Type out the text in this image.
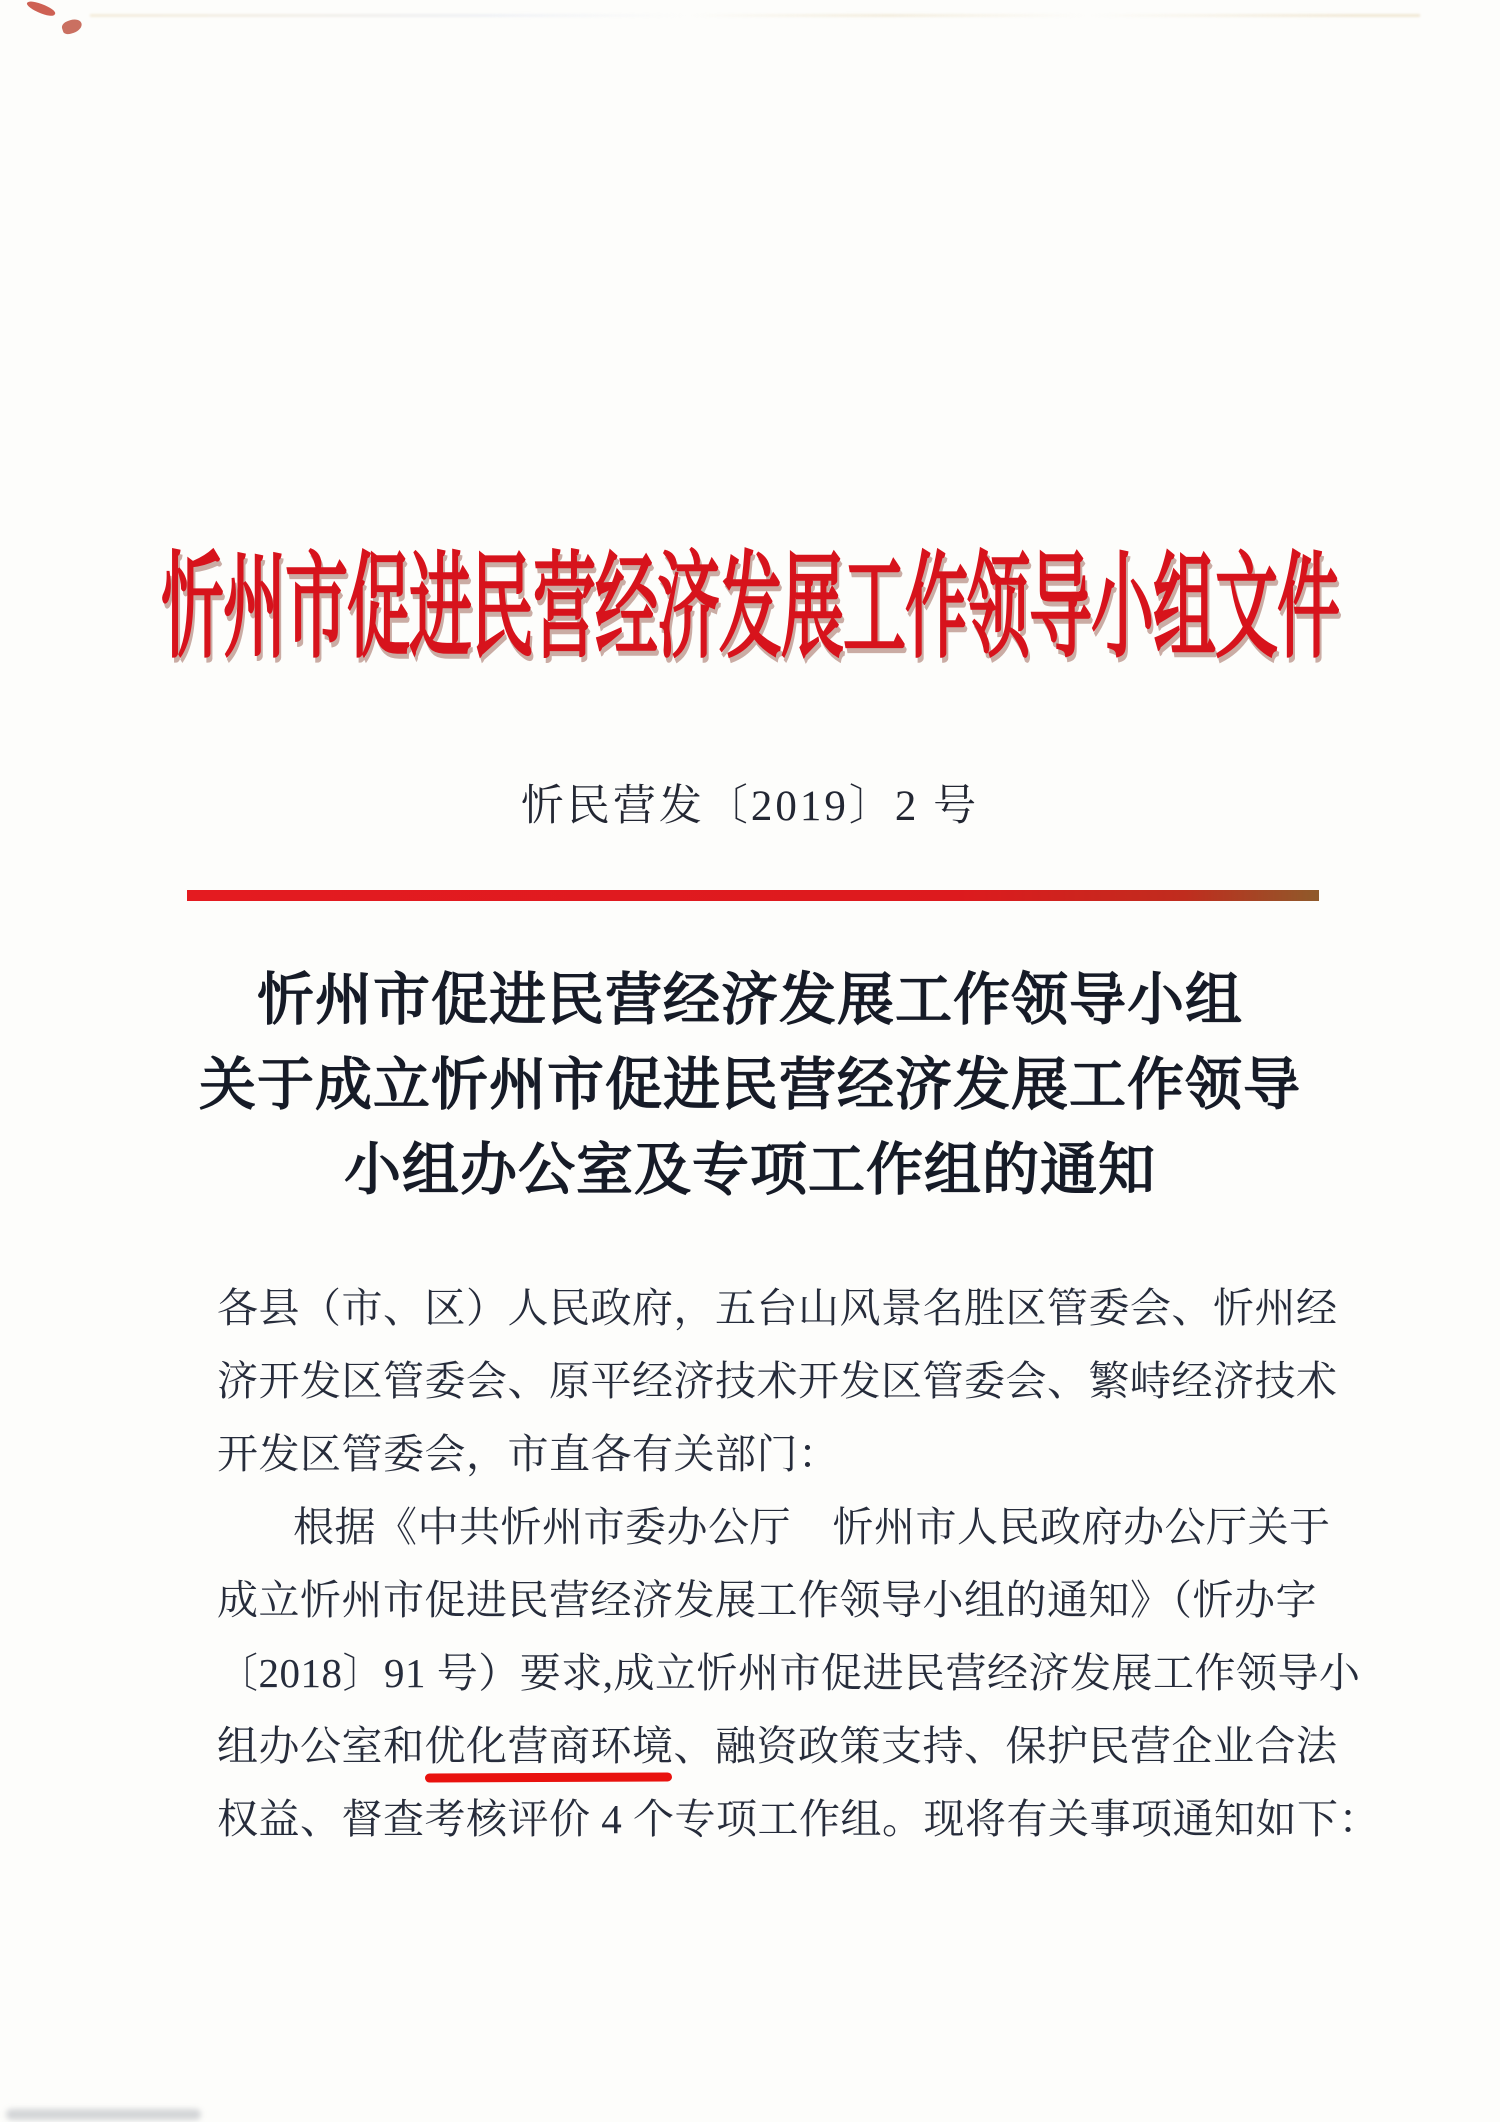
忻州市促进民营经济发展工作领导小组文件
忻民营发〔2019〕2 号
忻州市促进民营经济发展工作领导小组
关于成立忻州市促进民营经济发展工作领导
小组办公室及专项工作组的通知
各县（市、区）人民政府，五台山风景名胜区管委会、忻州经
济开发区管委会、原平经济技术开发区管委会、繁峙经济技术
开发区管委会，市直各有关部门：
根据《中共忻州市委办公厅　忻州市人民政府办公厅关于
成立忻州市促进民营经济发展工作领导小组的通知》（忻办字
〔2018〕91 号）要求,成立忻州市促进民营经济发展工作领导小
组办公室和优化营商环境、融资政策支持、保护民营企业合法
权益、督查考核评价 4 个专项工作组。现将有关事项通知如下：
